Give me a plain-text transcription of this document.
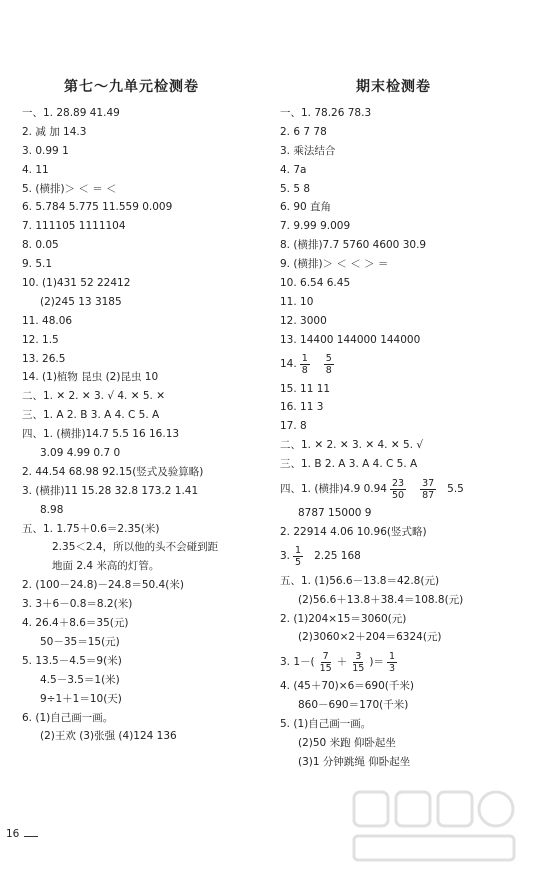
第七～九单元检测卷
一、1. 28.89 41.49
2. 减 加 14.3
3. 0.99 1
4. 11
5. (横排)＞ ＜ ＝ ＜
6. 5.784 5.775 11.559 0.009
7. 111105 1111104
8. 0.05
9. 5.1
10. (1)431 52 22412
(2)245 13 3185
11. 48.06
12. 1.5
13. 26.5
14. (1)植物 昆虫 (2)昆虫 10
二、1. ✕ 2. ✕ 3. √ 4. ✕ 5. ✕
三、1. A 2. B 3. A 4. C 5. A
四、1. (横排)14.7 5.5 16 16.13
3.09 4.99 0.7 0
2. 44.54 68.98 92.15(竖式及验算略)
3. (横排)11 15.28 32.8 173.2 1.41
8.98
五、1. 1.75＋0.6＝2.35(米)
2.35＜2.4，所以他的头不会碰到距
地面 2.4 米高的灯管。
2. (100－24.8)－24.8＝50.4(米)
3. 3＋6－0.8＝8.2(米)
4. 26.4＋8.6＝35(元)
50－35＝15(元)
5. 13.5－4.5＝9(米)
4.5－3.5＝1(米)
9÷1＋1＝10(天)
6. (1)自己画一画。
(2)王欢 (3)张强 (4)124 136
期末检测卷
一、1. 78.26 78.3
2. 6 7 78
3. 乘法结合
4. 7a
5. 5 8
6. 90 直角
7. 9.99 9.009
8. (横排)7.7 5760 4600 30.9
9. (横排)＞ ＜ ＜ ＞ ＝
10. 6.54 6.45
11. 10
12. 3000
13. 14400 144000 144000
14. $\frac{1}{8} \frac{5}{8}$
15. 11 11
16. 11 3
17. 8
二、1. ✕ 2. ✕ 3. ✕ 4. ✕ 5. √
三、1. B 2. A 3. A 4. C 5. A
四、1. (横排)4.9 $0.94 \frac{23}{50} \frac{37}{87} 5.5$
8787 15000 9
2. 22914 4.06 10.96(竖式略)
3. $\frac{1}{5} 2.25$ 168
五、1. (1)56.6－13.8＝42.8(元)
(2)56.6＋13.8＋38.4＝108.8(元)
2. (1)204×15＝3060(元)
(2)3060×2＋204＝6324(元)
3. $1-( \frac{7}{15} + \frac{3}{15}$ )＝ $\frac{1}{3}$
4. (45＋70)×6＝690(千米)
860－690＝170(千米)
5. (1)自己画一画。
(2)50 米跑 仰卧起坐
(3)1 分钟跳绳 仰卧起坐
16
